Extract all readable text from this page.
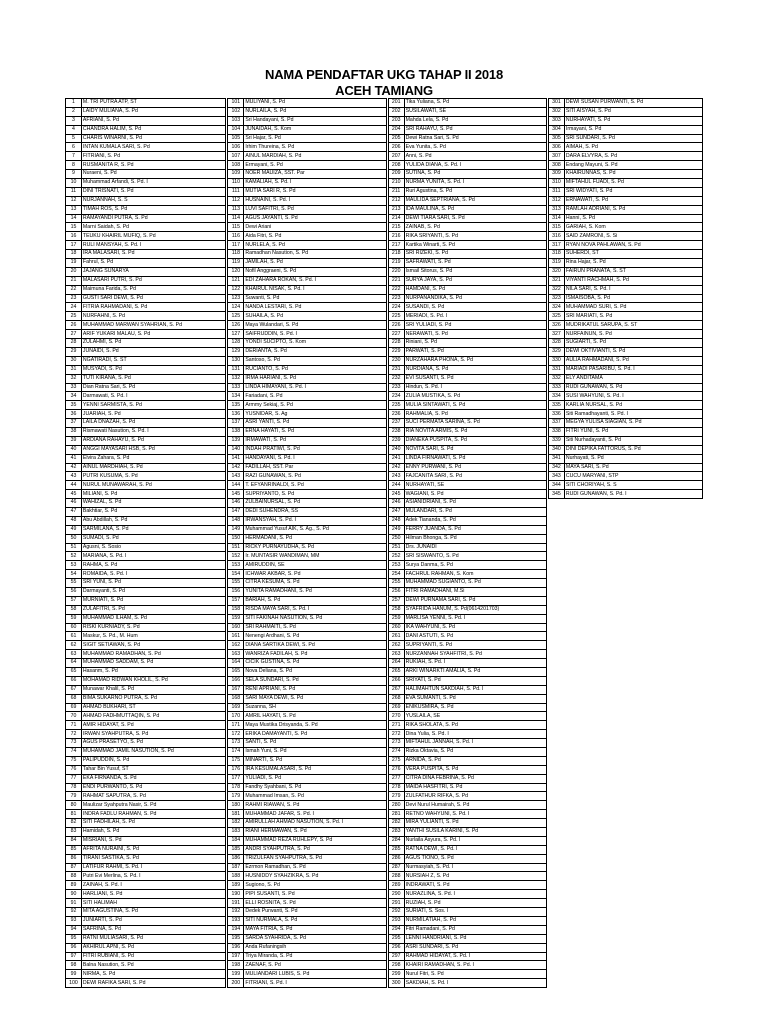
NAMA PENDAFTAR UKG TAHAP II 2018
ACEH TAMIANG
1	M. TRI PUTRA ATP, ST		101	MULIYANI, S. Pd		201	Tika Yuliana, S. Pd		301	DEWI SUSAN PURWANTI, S. Pd
2	LAIDY MULIANA, S. Pd		102	NURLAILA, S. Pd		202	SUSILAWATI, SE		302	SITI AISYAH, S. Pd
3	AFRIANI, S. Pd		103	Sri Handayani, S. Pd		203	Mahda Lela, S. Pd		303	NURHAYATI, S. Pd
4	CHANDRA HALIM, S. Pd		104	JUNAIDAH, S. Kom		204	SRI RAHAYU, S. Pd		304	Irmayani, S. Pd
5	CHARIS WINARNI, S. Pd		105	Sri Hajar, S. Pd		205	Dewi Ratna Sari, S. Pd		305	SRI SUNDARI, S. Pd
6	INTAN KUMALA SARI, S. Pd		106	Irhim Thureina, S. Pd		206	Eva Yunita, S. Pd		306	AIMAH, S. Pd
7	FITRIANI, S. Pd		107	AINUL MARDIAH, S. Pd		207	Anni, S. Pd		307	DARA ELVYRA, S. Pd
8	RUSMANITA R, S. Pd		108	Ermayani, S. Pd		208	YULIDA DIANA, S. Pd. I		308	Endang Mayuni, S. Pd
9	Nuraeni, S. Pd		109	NOER MAUIZA, SST. Par		209	SUTINA, S. Pd		309	KHAIRUNNAS, S. Pd
10	Muhammad Arfandi, S. Pd. I		110	KAMALIAH, S. Pd. I		210	NURMA YUNITA, S. Pd. I		310	MIFTAHUL FUADI, S. Pd
11	DINI TRISNATI, S. Pd		111	MUTIA SARI R, S. Pd		211	Ruri Agustina, S. Pd		311	SRI WIDYATI, S. Pd
12	NURJANNAH, S. S		112	HUSNAINI, S. Pd. I		212	MAULIDA SEPTRIANA, S. Pd		312	ERNAWATI, S. Pd
13	TIMAH ROS, S. Pd		113	LUVI SAFITRI, S. Pd		213	IDA MAULINA, S. Pd		313	RAMLAH ADRIANI, S. Pd
14	RAMAYANDI PUTRA, S. Pd		114	AGUS JAYANTI, S. Pd		214	DEWI TIARA SARI, S. Pd		314	Hanni, S. Pd
15	Marni Saidah, S. Pd		115	Dewi Ariani		215	ZAINAB, S. Pd		315	GARIAH, S. Kom
16	TEUKU KHAIRIL MUFIQ, S. Pd		116	Aida Fitri, S. Pd		216	RIKA SRIYANTI, S. Pd		316	SAID ZAMRONI, S. Si
17	RULI MANSYAH, S. Pd. I		117	NURLELA, S. Pd		217	Kartika Winarti, S. Pd		317	RYAN NOVA PAHLAWAN, S. Pd
18	IRA MALASARI, S. Pd		118	Ramadhan Nasution, S. Pd		218	SRI RIZEKI, S. Pd		318	SUHERDI, ST
19	Fahrul, S. Pd		119	JAMILAH, S. Pd		219	SAFRAWATI, S. Pd		319	Rina Hajar, S. Pd
20	JAJANG SUNARYA		120	Nofil Anggraeni, S. Pd		220	Ismail Sitorus, S. Pd		320	FAIRUN PRANATA, S. ST
21	MALASARI PUTRI, S. Pd		121	EDI ZAHARA ROKAN, S. Pd. I		221	SURYA JAYA, S. Pd		321	VIYANTI RACHMAH, S. Pd
22	Maimuna Farida, S. Pd		122	KHAIRUL NISAK, S. Pd. I		222	HAMDANI, S. Pd		322	NILA SARI, S. Pd. I
23	GUSTI SARI DEWI, S. Pd		123	Suwanti, S. Pd		223	NURPANANDIKA, S. Pd		323	ISMAISOBA, S. Pd
24	FITRIA RAHMADANI, S. Pd		124	NANDA LESTARI, S. Pd		224	SUSANDI, S. Pd		324	MUHAMMAD SURI, S. Pd
25	NURFAHNI, S. Pd		125	SUHAILA, S. Pd		225	MERIADI, S. Pd. I		325	SRI MARIATI, S. Pd
26	MUHAMMAD MARWAN SYAHRIAN, S. Pd		126	Maya Wulandari, S. Pd		226	SRI YULIADI, S. Pd		326	MUDRIKATUL SARUPA, S. ST
27	ARIF YUKARI MALAU, S. Pd		127	SAIFRUDDIN, S. Pd. I		227	NERAWATI, S. Pd		327	NURFAINUN, S. Pd
28	ZULAHMI, S. Pd		128	YONDI SUCIPTO, S. Kom		228	Riniani, S. Pd		328	SUGIARTI, S. Pd
29	JUNAIDI, S. Pd		129	DERIANTA, S. Pd		229	PARWATI, S. Pd		329	DEWI OKTIVIANTI, S. Pd
30	NGATIRADI, S. ST		130	Santoso, S. Pd		230	NURZAHARA PHONA, S. Pd		330	AULIA RAHMADANI, S. Pd
31	MUSYADI, S. Pd		131	RUCIANTO, S. Pd		231	NURDIANA, S. Pd		331	MARIADI PASARIBU, S. Pd. I
32	TUTI KIRANA, S. Pd		132	IRMA HARIANI, S. Pd		232	EVI SUSANTI, S. Pd		332	ELY ANDITAMA
33	Dian Ratna Sari, S. Pd		133	LINDA HIMAYANI, S. Pd. I		233	Hindun, S. Pd. I		333	RUDI GUNAWAN, S. Pd
34	Darmawati, S. Pd. I		134	Fariadani, S. Pd		234	ZULIA MUSTIKA, S. Pd		334	SUSI WAHYUNI, S. Pd. I
35	YENNI SARMISTA, S. Pd		135	Armmy Sekiaj, S. Pd		235	MULIA SINTAWATI, S. Pd		335	KARLIA NURSAL, S. Pd
36	JUARIAH, S. Pd		136	YUSNIDAR, S. Ag		236	RAHMALIA, S. Pd		336	Siti Ramadhayanti, S. Pd. I
37	LAILA DNAZAH, S. Pd		137	ASRI YANTI, S. Pd		237	SUCI PERMATA SARINA, S. Pd		337	MEGYA YULISA SIAGIAN, S. Pd
38	Rismawati Nasution, S. Pd. I		138	ERNA HAYATI, S. Pd		238	RIA NOVITA ARMIS, S. Pd		338	FITRI YUNI, S. Pd
39	ARDIANA RAHAYU, S. Pd		139	IRMAWATI, S. Pd		239	DIANEKA PUSPITA, S. Pd		339	Siti Nurhadayanti, S. Pd
40	ANGGI MAYASARI HSB, S. Pd		140	INDAH PRATIWI, S. Pd		240	NOVITA SARI, S. Pd		340	DINI DEPIKA FATTORUS, S. Pd
41	Elvira Zahara, S. Pd		141	HANDAYANI, S. Pd. I		241	LINDA FIRNAWATI, S. Pd		341	Nurhayati, S. Pd
42	AINUL MARDHIAH, S. Pd		142	FADILLAH, SST. Par		242	ENNY PURWANI, S. Pd		342	MAYA SARI, S. Pd
43	PUTRI KUSUMA, S. Pd		143	RAZI GUNAWAN, S. Pd		243	FAJCANITA SARI, S. Pd		343	CUCU MARYANI, STP
44	NURUL MUNAWARAH, S. Pd		144	T. EFYANRINALDI, S. Pd		244	NURHAYATI, SE		344	SITI CHORIYAH, S. S
45	MILIANI, S. Pd		145	SUPRIYANTO, S. Pd		245	WAGIANI, S. Pd		345	RUDI GUNAWAN, S. Pd. I
46	WAHIZAL, S. Pd		146	ZULBAINURSAL, S. Pd		246	ASIANIDRIANI, S. Pd			
47	Bakhtiar, S. Pd		147	DEDI SUHENDRA, SS		247	MULANDARI, S. Pd			
48	Abu Abdillah, S. Pd		148	IRWANSYAH, S. Pd. I		248	Adek Tiananda, S. Pd			
49	SARMILANA, S. Pd		149	Muhammad Yusuf AIK, S. Ag., S. Pd		249	FERRY JUANDA, S. Pd			
50	SUMADI, S. Pd		150	HERMADANI, S. Pd		250	Hilman Bhonga, S. Pd			
51	Agusni, S. Sosio		151	RICKY PURNAYUDHA, S. Pd		251	Drs. JUNAIDI			
52	MARIANA, S. Pd. I		152	Ir. MUNTASIR WANDIMAN, MM		252	SRI SISWANTO, S. Pd			
53	RAHMA, S. Pd		153	AMIRUDDIN, SE		253	Surya Danma, S. Pd			
54	ROMAIDA, S. Pd. I		154	ICHWAR AKBAR, S. Pd		254	FACHRUL RAHMAN, S. Kom			
55	SRI YUNI, S. Pd		155	CITRA KESUMA, S. Pd		255	MUHAMMAD SUGIANTO, S. Pd			
56	Darmayanti, S. Pd		156	YUNITA RAMADHANI, S. Pd		256	FITRI RAMADHANI, M.Si			
57	MURNIATI, S. Pd		157	BARIAH, S. Pd		257	DEWI PURNAMA SARI, S. Pd			
58	ZULAFITRI, S. Pd		158	RISDA MAYA SARI, S. Pd. I		258	SYAFRIDA HANUM, S. Pd(0614201703)			
59	MUHAMMAD ILHAM, S. Pd		159	SITI FAKINAH NASUTION, S. Pd		259	MARLISA YENNI, S. Pd. I			
60	RISKI KURNIADY, S. Pd		160	SRI RAHMAITI, S. Pd		260	IKA WAHYUNI, S. Pd			
61	Maskur, S. Pd., M. Hum		161	Nenengi Ardhani, S. Pd		261	DANI ASTUTI, S. Pd			
62	SIGIT SETIAWAN, S. Pd		162	DIANA SARTIKA DEWI, S. Pd		262	SUPRIYANTI, S. Pd			
63	MUHAMMAD RAMADHAN, S. Pd		163	WANRIZA FADILAH, S. Pd		263	NURZANNAH SYAHFITRI, S. Pd			
64	MUHAMMAD SADDAM, S. Pd		164	CICIK GUSTINA, S. Pd		264	RUKIAH, S. Pd. I			
65	Hasanm, S. Pd		165	Nova Deliana, S. Pd		265	ARKI WINARKTI AMALIA, S. Pd			
66	MOHAMAD RIDWAN KHOLIL, S. Pd		166	SELA SUNDARI, S. Pd		266	SRIYATI, S. Pd			
67	Munawar Khalil, S. Pd		167	RENI APRIANI, S. Pd		267	HALIMAHTUN SAKDIAH, S. Pd. I			
68	BIMA SUKARNO PUTRA, S. Pd		168	SARI MAYA DEWI, S. Pd		268	EVA SUMANTI, S. Pd			
69	AHMAD BUKHARI, ST		169	Suzanna, SH		269	ENIKUSMIRA, S. Pd			
70	AHMAD FADHMUTTAQIN, S. Pd		170	AMRIL HAYATI, S. Pd		270	YUSLAILA, SE			
71	AMIR HIDAYAT, S. Pd		171	Maya Mustika Drisyanda, S. Pd		271	RIKA SHOLATA, S. Pd			
72	IRWAN SYAHPUTRA, S. Pd		172	ERIKA DAMAYANTI, S. Pd		272	Dina Yulia, S. Pd. I			
73	AGUS PRASETYO, S. Pd		173	SANTI, S. Pd		273	MIFTAHUL JANNAH, S. Pd. I			
74	MUHAMMAD JAMIL NASUTION, S. Pd		174	Ismah Yuni, S. Pd		274	Rizka Oktavia, S. Pd			
75	PALIPUDDIN, S. Pd		175	MINARTI, S. Pd		275	ARNIDA, S. Pd			
76	Tahar Bin Yusuf, ST		176	IRA KESUMALASARI, S. Pd		276	VERA PUSPITA, S. Pd			
77	EKA FIRNANDA, S. Pd		177	YULIADI, S. Pd		277	CITRA DINA FEBRINA, S. Pd			
78	ENDI PURWANTO, S. Pd		178	Fandhy Syahbani, S. Pd		278	MAIDA HASFITRI, S. Pd			
79	RAHMAT SAPUTRA, S. Pd		179	Muhammad Imsan, S. Pd		279	ZULFATHUR RIFKA, S. Pd			
80	Maulizar Syahputra Nasir, S. Pd		180	RAHMI RIAWAN, S. Pd		280	Devi Nurul Humairah, S. Pd			
81	INDRA FADLU RAHMAN, S. Pd		181	MUHAMMAD JAFAR, S. Pd. I		281	RETNO WAHYUNI, S. Pd. I			
82	SITI FADHILAH, S. Pd		182	AMIRULLAH AHMAD NASUTION, S. Pd. I		282	MIRA YULIANTI, S. Pd			
83	Hamidah, S. Pd		183	RIANI HERMAWAN, S. Pd		283	YANTHI SUSILA KARINI, S. Pd			
84	MISRIANI, S. Pd		184	MUHAMMAD REZA RUHLEPY, S. Pd		284	Nurlaila Asyura, S. Pd. I			
85	AFRITA NURAINI, S. Pd		185	ANDRI SYAHPUTRA, S. Pd		285	RATNA DEWI, S. Pd. I			
86	TIRANI SASTIKA, S. Pd		186	TRIZULFAN SYAHPUTRA, S. Pd		286	AGUS TIONO, S. Pd			
87	LATIFUR RAHMI, S. Pd. I		187	Ezrmon Ramadhan, S. Pd		287	Nurmasyiah, S. Pd. I			
88	Putri Evi Merlina, S. Pd. I		188	HUSNIDDY SYAHZIKRA, S. Pd		288	NURSIAH Z, S. Pd			
89	ZAINAH, S. Pd. I		189	Sugiono, S. Pd		289	INDRAWATI, S. Pd			
90	HARLIANI, S. Pd		190	PIPI SUSANTI, S. Pd		290	NURAZLINA, S. Pd. I			
91	SITI HALIMAH		191	ELLI ROSNITA, S. Pd		291	RUZIAH, S. Pd			
92	MITA AGUSTINA, S. Pd		192	Dedek Purwanti, S. Pd		292	SURIATI, S. Sos. I			
93	JUNIARTI, S. Pd		193	SITI NURMALA, S. Pd		293	NURMILATIAH, S. Pd			
94	SAFRINA, S. Pd		194	MAYA FITRIA, S. Pd		294	Fitri Ramadani, S. Pd			
95	RATNI MULIASARI, S. Pd		195	SARDA SYAHRIDA, S. Pd		295	LENNI HANDRIANI, S. Pd			
96	AKHIRUL APNI, S. Pd		196	Anda Rufaningsih		296	ASRI SUNDARI, S. Pd			
97	FITRI RUBIANI, S. Pd		197	Triya Miranda, S. Pd		297	RAHMAD HIDAYAT, S. Pd. I			
98	Balna Nasution, S. Pd		198	ZAENAF, S. Pd		298	KHAIRI RAMADHAN, S. Pd. I			
99	NIRMA, S. Pd		199	MULIANDARI LUBIS, S. Pd		299	Nurul Fitri, S. Pd			
100	DEWI RAFIKA SARI, S. Pd		200	FITRIANI, S. Pd. I		300	SAKDIAH, S. Pd. I			
